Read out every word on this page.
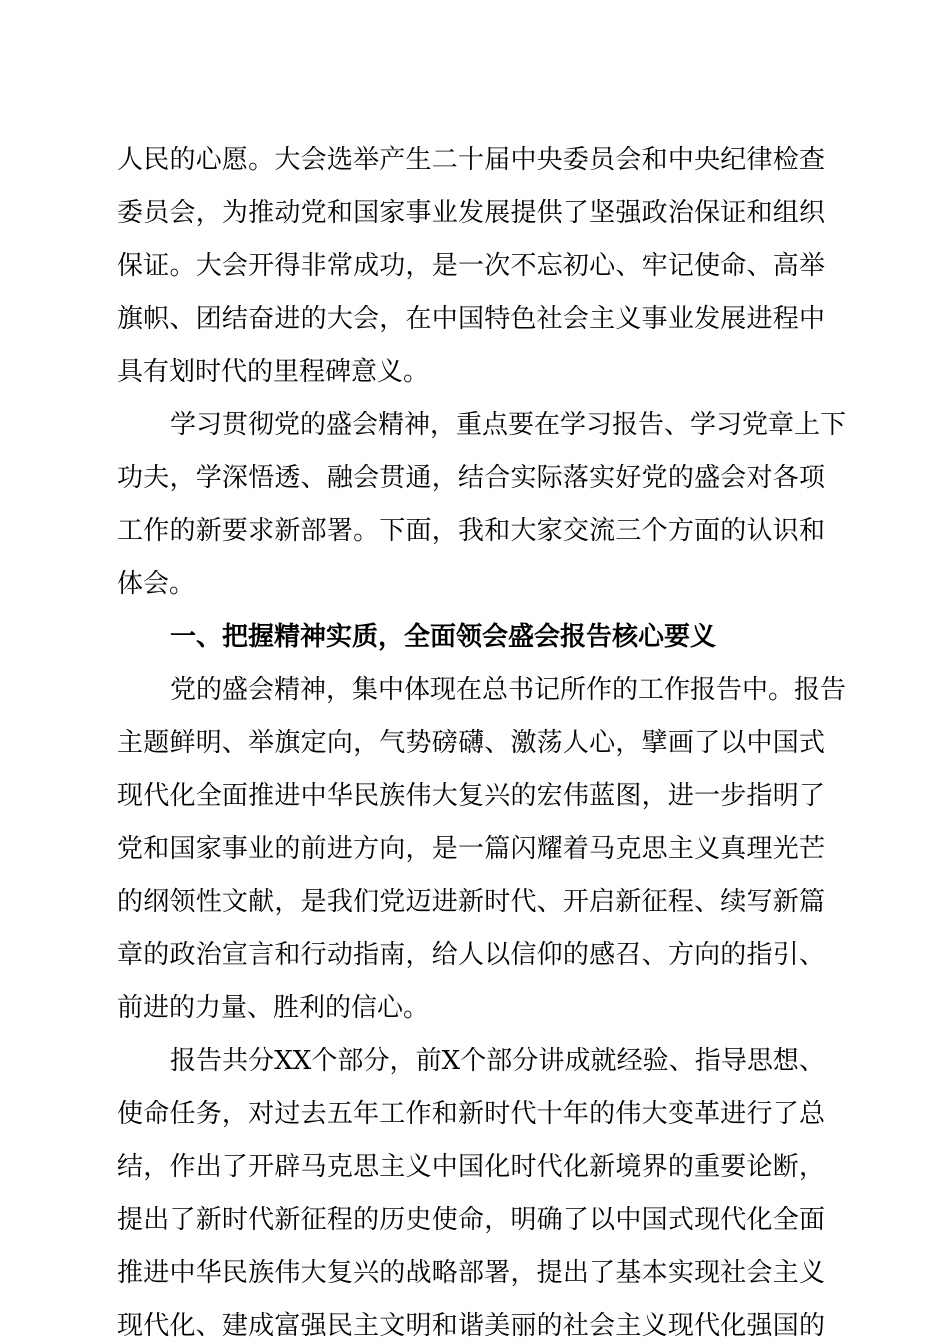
人民的心愿。大会选举产生二十届中央委员会和中央纪律检查
委员会，为推动党和国家事业发展提供了坚强政治保证和组织
保证。大会开得非常成功，是一次不忘初心、牢记使命、高举
旗帜、团结奋进的大会，在中国特色社会主义事业发展进程中
具有划时代的里程碑意义。
学习贯彻党的盛会精神，重点要在学习报告、学习党章上下
功夫，学深悟透、融会贯通，结合实际落实好党的盛会对各项
工作的新要求新部署。下面，我和大家交流三个方面的认识和
体会。
一、把握精神实质，全面领会盛会报告核心要义
党的盛会精神，集中体现在总书记所作的工作报告中。报告
主题鲜明、举旗定向，气势磅礴、激荡人心，擘画了以中国式
现代化全面推进中华民族伟大复兴的宏伟蓝图，进一步指明了
党和国家事业的前进方向，是一篇闪耀着马克思主义真理光芒
的纲领性文献，是我们党迈进新时代、开启新征程、续写新篇
章的政治宣言和行动指南，给人以信仰的感召、方向的指引、
前进的力量、胜利的信心。
报告共分XX个部分，前X个部分讲成就经验、指导思想、
使命任务，对过去五年工作和新时代十年的伟大变革进行了总
结，作出了开辟马克思主义中国化时代化新境界的重要论断，
提出了新时代新征程的历史使命，明确了以中国式现代化全面
推进中华民族伟大复兴的战略部署，提出了基本实现社会主义
现代化、建成富强民主文明和谐美丽的社会主义现代化强国的
